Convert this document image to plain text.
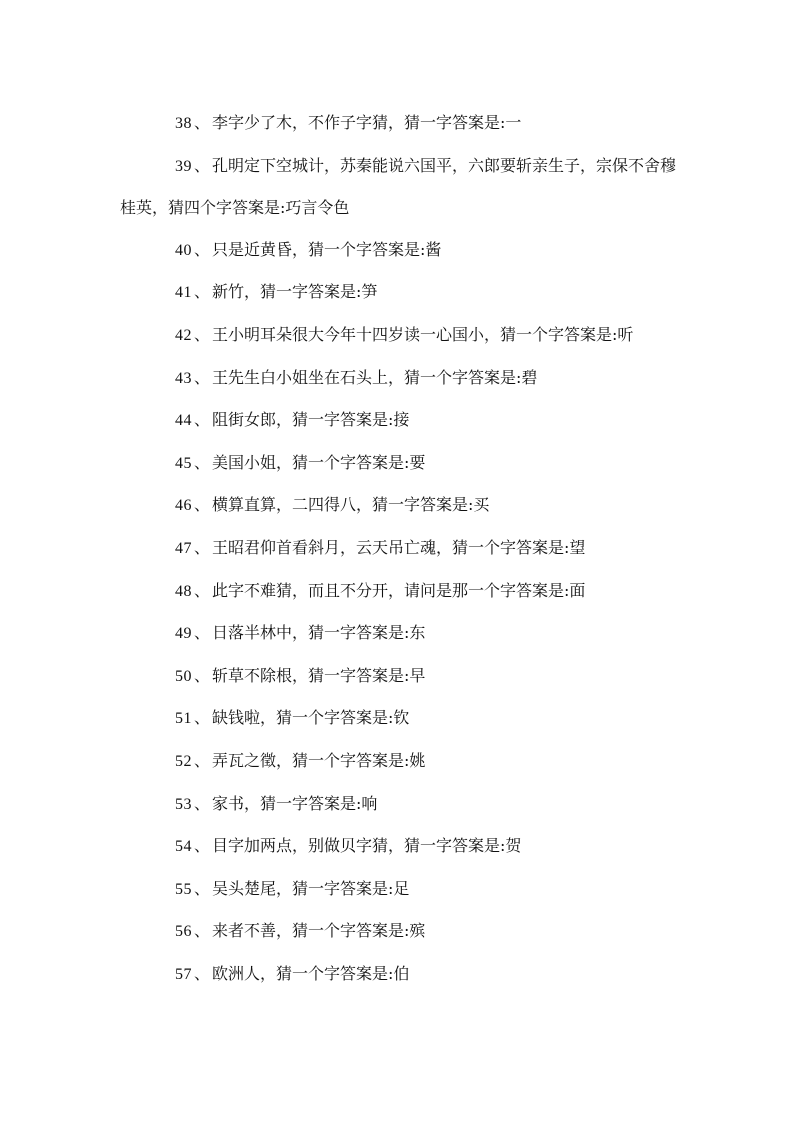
38 、 李字少了木，不作子字猜，猜一字答案是:一
39 、 孔明定下空城计，苏秦能说六国平，六郎要斩亲生子，宗保不舍穆桂英，猜四个字答案是:巧言令色
40 、 只是近黄昏，猜一个字答案是:酱
41 、 新竹，猜一字答案是:笋
42 、 王小明耳朵很大今年十四岁读一心国小，猜一个字答案是:听
43 、 王先生白小姐坐在石头上，猜一个字答案是:碧
44 、 阻街女郎，猜一字答案是:接
45 、 美国小姐，猜一个字答案是:要
46 、 横算直算，二四得八，猜一字答案是:买
47 、 王昭君仰首看斜月，云天吊亡魂，猜一个字答案是:望
48 、 此字不难猜，而且不分开，请问是那一个字答案是:面
49 、 日落半林中，猜一字答案是:东
50 、 斩草不除根，猜一字答案是:早
51 、 缺钱啦，猜一个字答案是:钦
52 、 弄瓦之徵，猜一个字答案是:姚
53 、 家书，猜一字答案是:响
54 、 目字加两点，别做贝字猜，猜一字答案是:贺
55 、 吴头楚尾，猜一字答案是:足
56 、 来者不善，猜一个字答案是:殡
57 、 欧洲人，猜一个字答案是:伯
